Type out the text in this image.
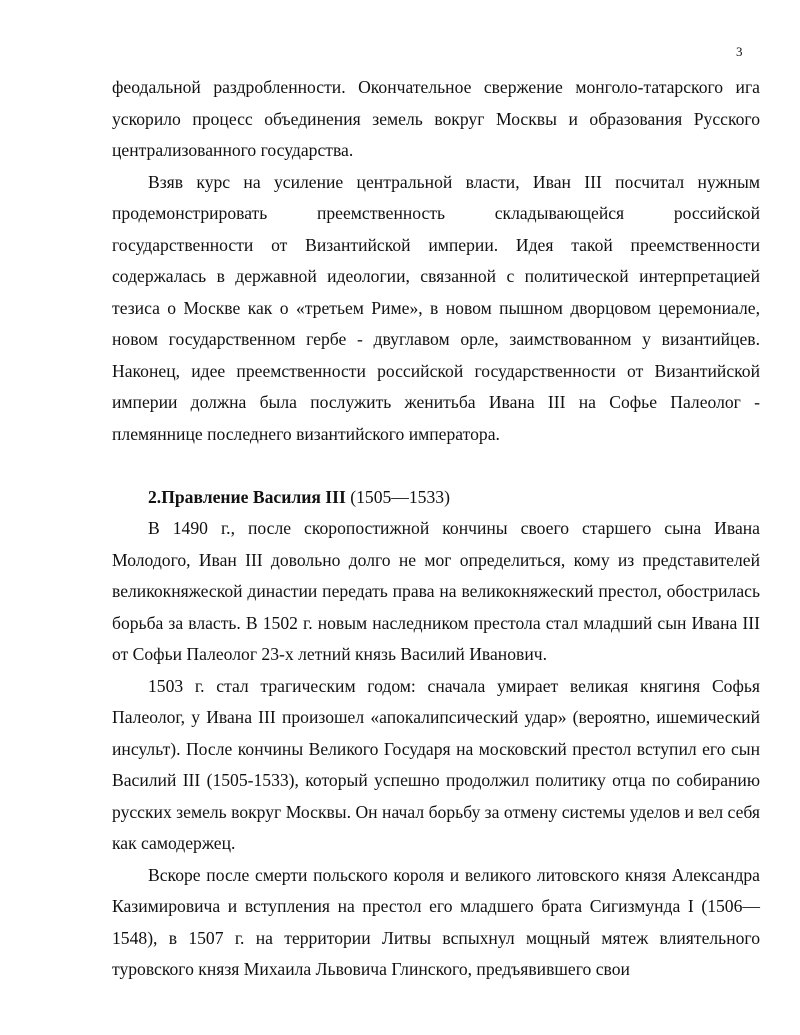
3

феодальной раздробленности. Окончательное свержение монголо-татарского ига ускорило процесс объединения земель вокруг Москвы и образования Русского централизованного государства.

Взяв курс на усиление центральной власти, Иван III посчитал нужным продемонстрировать преемственность складывающейся российской государственности от Византийской империи. Идея такой преемственности содержалась в державной идеологии, связанной с политической интерпретацией тезиса о Москве как о «третьем Риме», в новом пышном дворцовом церемониале, новом государственном гербе - двуглавом орле, заимствованном у византийцев. Наконец, идее преемственности российской государственности от Византийской империи должна была послужить женитьба Ивана III на Софье Палеолог - племяннице последнего византийского императора.

2.Правление Василия III (1505—1533)

В 1490 г., после скоропостижной кончины своего старшего сына Ивана Молодого, Иван III довольно долго не мог определиться, кому из представителей великокняжеской династии передать права на великокняжеский престол, обострилась борьба за власть. В 1502 г. новым наследником престола стал младший сын Ивана III от Софьи Палеолог 23-х летний князь Василий Иванович.

1503 г. стал трагическим годом: сначала умирает великая княгиня Софья Палеолог, у Ивана III произошел «апокалипсический удар» (вероятно, ишемический инсульт). После кончины Великого Государя на московский престол вступил его сын Василий III (1505-1533), который успешно продолжил политику отца по собиранию русских земель вокруг Москвы. Он начал борьбу за отмену системы уделов и вел себя как самодержец.

Вскоре после смерти польского короля и великого литовского князя Александра Казимировича и вступления на престол его младшего брата Сигизмунда I (1506—1548), в 1507 г. на территории Литвы вспыхнул мощный мятеж влиятельного туровского князя Михаила Львовича Глинского, предъявившего свои
